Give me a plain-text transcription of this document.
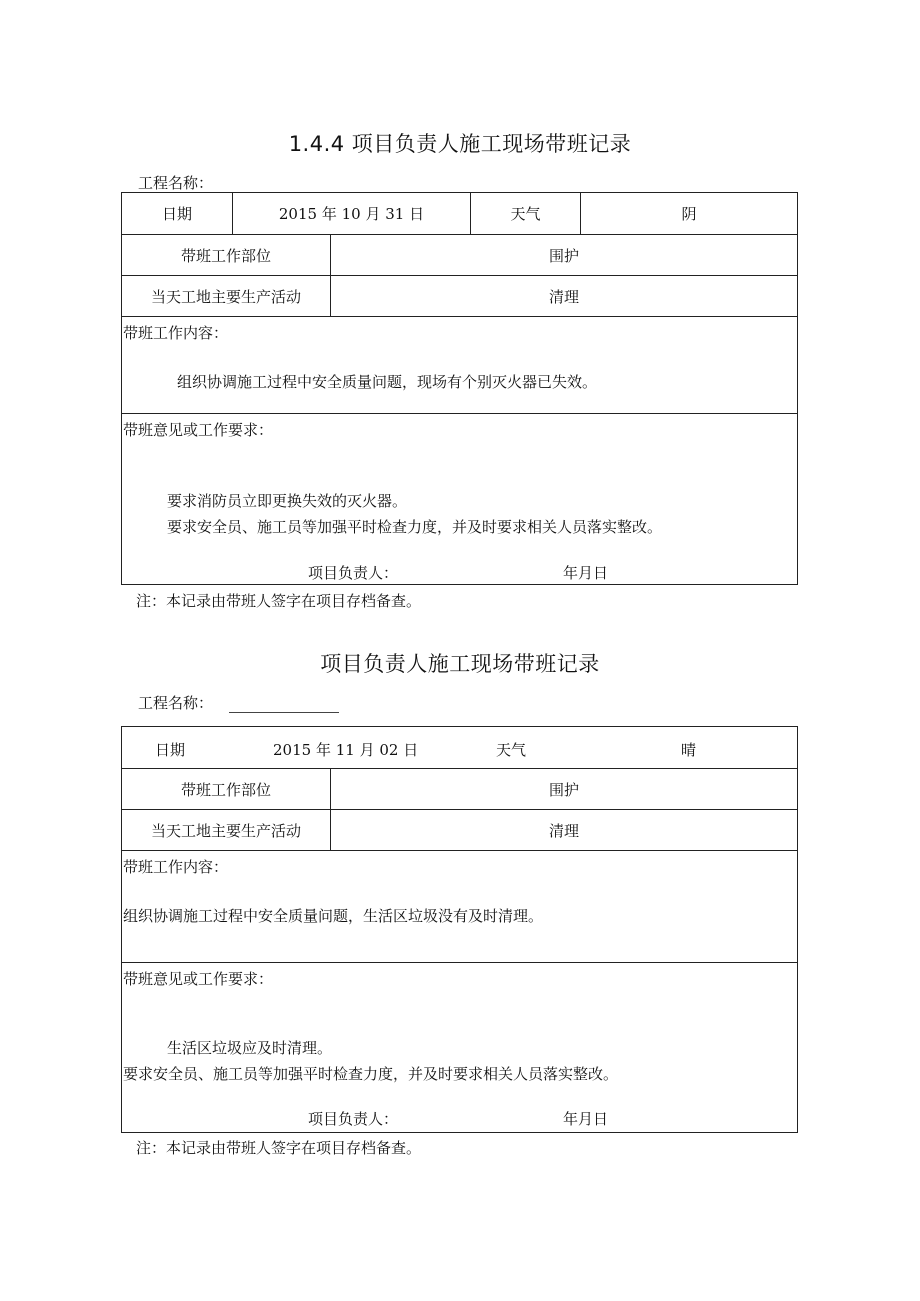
1.4.4 项目负责人施工现场带班记录
工程名称：
日期	2015 年 10 月 31 日	天气	阴
带班工作部位	围护
当天工地主要生产活动	清理
带班工作内容：
组织协调施工过程中安全质量问题，现场有个别灭火器已失效。
带班意见或工作要求：
要求消防员立即更换失效的灭火器。
要求安全员、施工员等加强平时检查力度，并及时要求相关人员落实整改。
项目负责人：	年月日
注：本记录由带班人签字在项目存档备查。
项目负责人施工现场带班记录
工程名称：
日期	2015 年 11 月 02 日	天气	晴
带班工作部位	围护
当天工地主要生产活动	清理
带班工作内容：
组织协调施工过程中安全质量问题，生活区垃圾没有及时清理。
带班意见或工作要求：
生活区垃圾应及时清理。
要求安全员、施工员等加强平时检查力度，并及时要求相关人员落实整改。
项目负责人：	年月日
注：本记录由带班人签字在项目存档备查。
